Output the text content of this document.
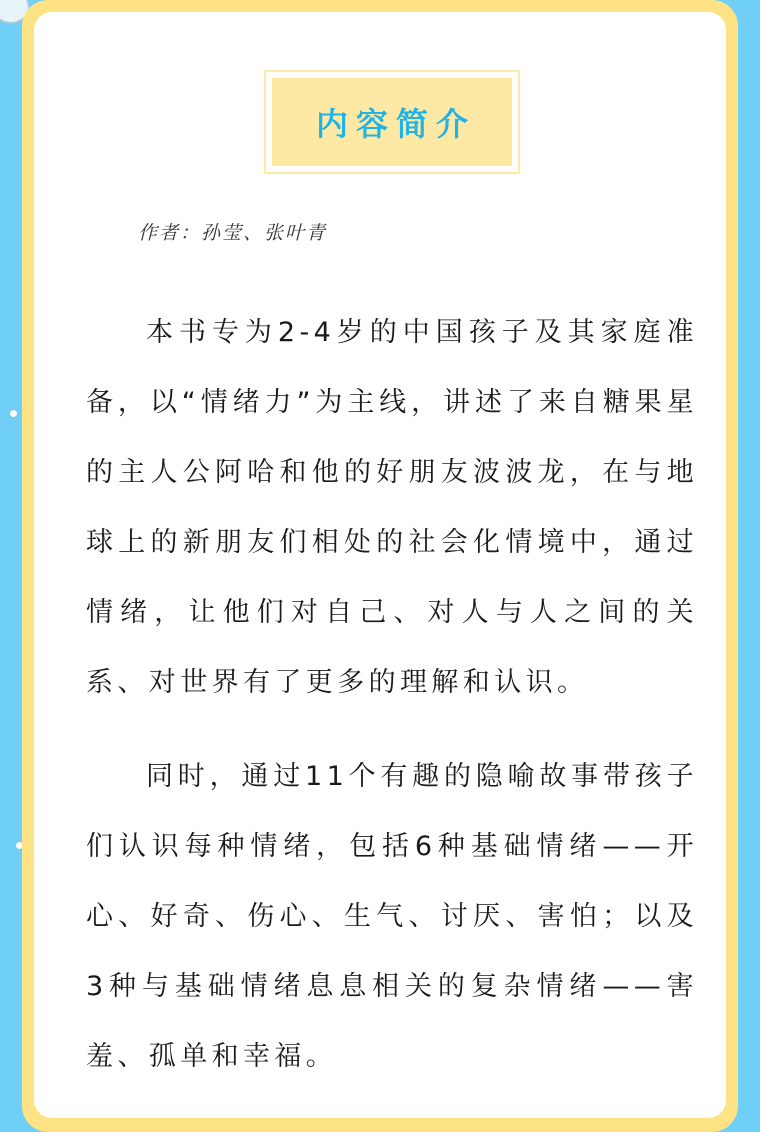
内容简介
作者：孙莹、张叶青

本书专为2-4岁的中国孩子及其家庭准备，以“情绪力”为主线，讲述了来自糖果星的主人公阿哈和他的好朋友波波龙，在与地球上的新朋友们相处的社会化情境中，通过情绪，让他们对自己、对人与人之间的关系、对世界有了更多的理解和认识。

同时，通过11个有趣的隐喻故事带孩子们认识每种情绪，包括6种基础情绪——开心、好奇、伤心、生气、讨厌、害怕；以及3种与基础情绪息息相关的复杂情绪——害羞、孤单和幸福。
